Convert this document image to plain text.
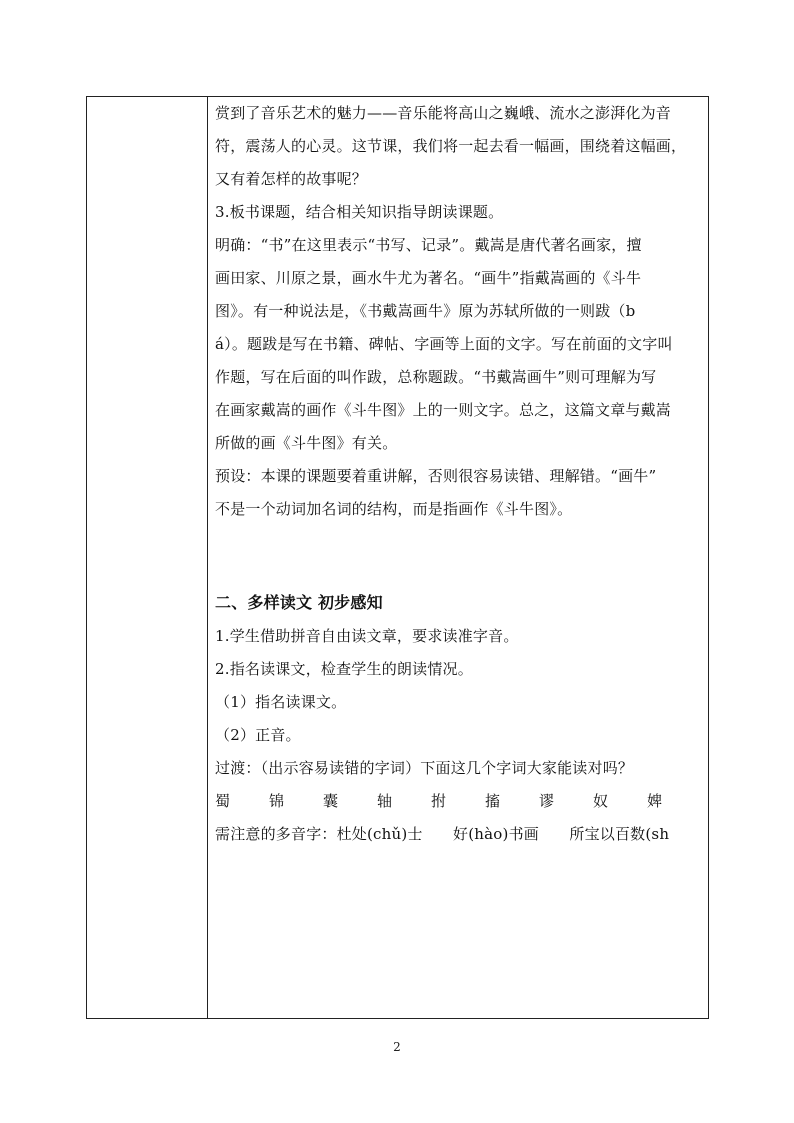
赏到了音乐艺术的魅力——音乐能将高山之巍峨、流水之澎湃化为音

符，震荡人的心灵。这节课，我们将一起去看一幅画，围绕着这幅画，

又有着怎样的故事呢？

3.板书课题，结合相关知识指导朗读课题。

明确：“书”在这里表示“书写、记录”。戴嵩是唐代著名画家，擅

画田家、川原之景，画水牛尤为著名。“画牛”指戴嵩画的《斗牛

图》。有一种说法是，《书戴嵩画牛》原为苏轼所做的一则跋（b

á）。题跋是写在书籍、碑帖、字画等上面的文字。写在前面的文字叫

作题，写在后面的叫作跋，总称题跋。“书戴嵩画牛”则可理解为写

在画家戴嵩的画作《斗牛图》上的一则文字。总之，这篇文章与戴嵩

所做的画《斗牛图》有关。

预设：本课的课题要着重讲解，否则很容易读错、理解错。“画牛”

不是一个动词加名词的结构，而是指画作《斗牛图》。

二、多样读文 初步感知

1.学生借助拼音自由读文章，要求读准字音。

2.指名读课文，检查学生的朗读情况。

（1）指名读课文。

（2）正音。

过渡：（出示容易读错的字词）下面这几个字词大家能读对吗？

蜀	锦	囊	轴	拊	搐	谬	奴	婢

需注意的多音字：杜处(chǔ)士　　好(hào)书画　　所宝以百数(sh

2
